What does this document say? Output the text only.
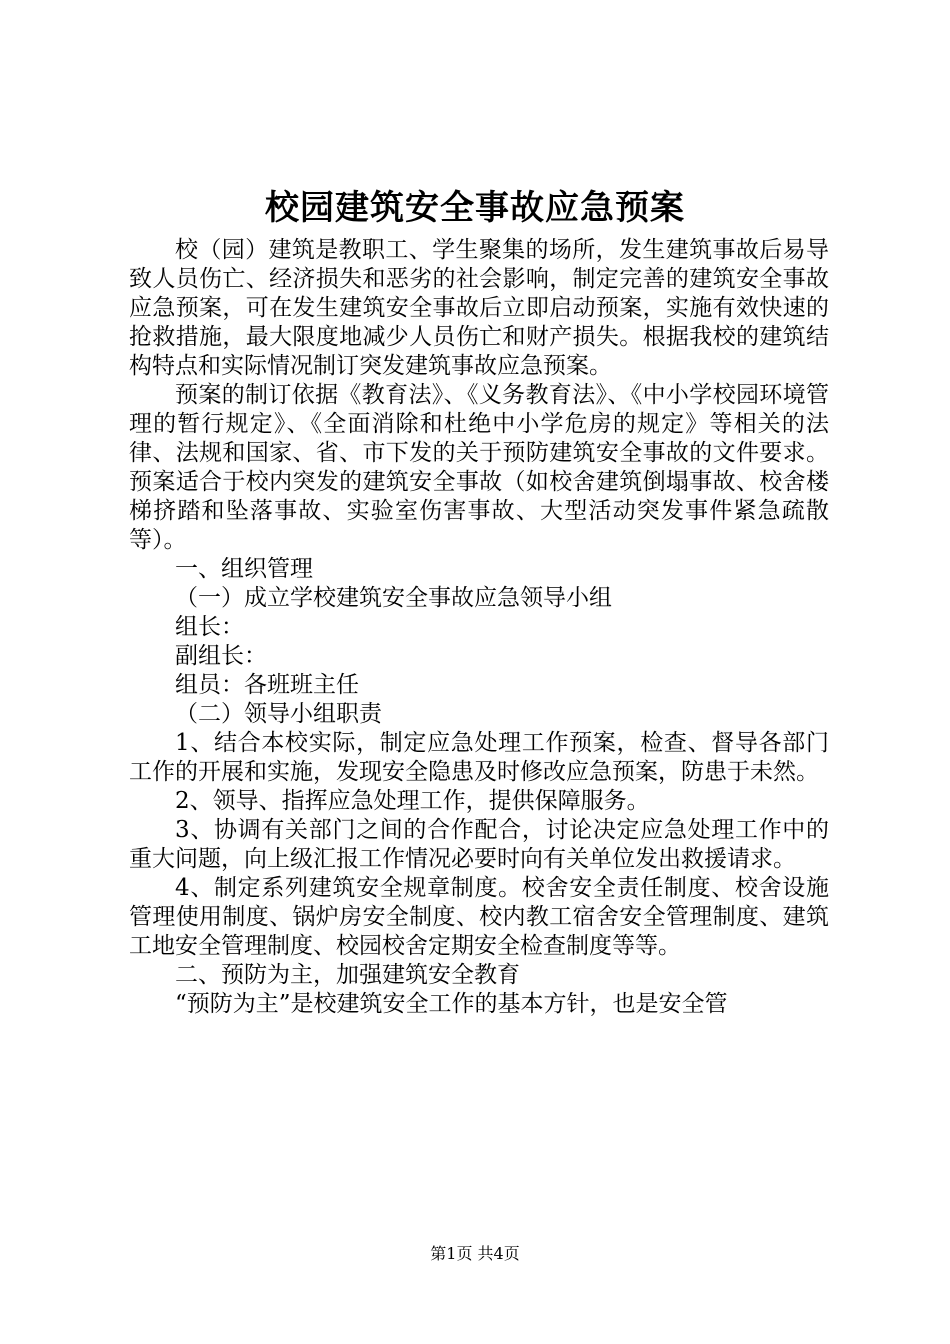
校园建筑安全事故应急预案

校（园）建筑是教职工、学生聚集的场所，发生建筑事故后易导致人员伤亡、经济损失和恶劣的社会影响，制定完善的建筑安全事故应急预案，可在发生建筑安全事故后立即启动预案，实施有效快速的抢救措施，最大限度地减少人员伤亡和财产损失。根据我校的建筑结构特点和实际情况制订突发建筑事故应急预案。

预案的制订依据《教育法》、《义务教育法》、《中小学校园环境管理的暂行规定》、《全面消除和杜绝中小学危房的规定》等相关的法律、法规和国家、省、市下发的关于预防建筑安全事故的文件要求。预案适合于校内突发的建筑安全事故（如校舍建筑倒塌事故、校舍楼梯挤踏和坠落事故、实验室伤害事故、大型活动突发事件紧急疏散等）。

一、组织管理

（一）成立学校建筑安全事故应急领导小组

组长：

副组长：

组员：各班班主任

（二）领导小组职责

1、结合本校实际，制定应急处理工作预案，检查、督导各部门工作的开展和实施，发现安全隐患及时修改应急预案，防患于未然。

2、领导、指挥应急处理工作，提供保障服务。

3、协调有关部门之间的合作配合，讨论决定应急处理工作中的重大问题，向上级汇报工作情况必要时向有关单位发出救援请求。

4、制定系列建筑安全规章制度。校舍安全责任制度、校舍设施管理使用制度、锅炉房安全制度、校内教工宿舍安全管理制度、建筑工地安全管理制度、校园校舍定期安全检查制度等等。

二、预防为主，加强建筑安全教育

“预防为主”是校建筑安全工作的基本方针，也是安全管

第1页 共4页
